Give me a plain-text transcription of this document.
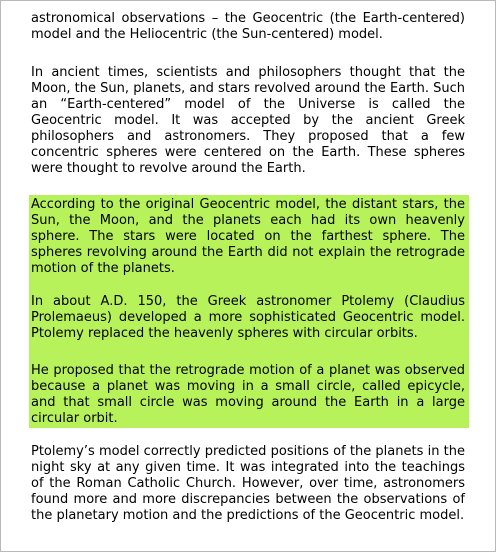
astronomical observations – the Geocentric (the Earth-centered) model and the Heliocentric (the Sun-centered) model.

In ancient times, scientists and philosophers thought that the Moon, the Sun, planets, and stars revolved around the Earth. Such an “Earth-centered” model of the Universe is called the Geocentric model. It was accepted by the ancient Greek philosophers and astronomers. They proposed that a few concentric spheres were centered on the Earth. These spheres were thought to revolve around the Earth.

According to the original Geocentric model, the distant stars, the Sun, the Moon, and the planets each had its own heavenly sphere. The stars were located on the farthest sphere. The spheres revolving around the Earth did not explain the retrograde motion of the planets.

In about A.D. 150, the Greek astronomer Ptolemy (Claudius Prolemaeus) developed a more sophisticated Geocentric model. Ptolemy replaced the heavenly spheres with circular orbits.

He proposed that the retrograde motion of a planet was observed because a planet was moving in a small circle, called epicycle, and that small circle was moving around the Earth in a large circular orbit.

Ptolemy’s model correctly predicted positions of the planets in the night sky at any given time. It was integrated into the teachings of the Roman Catholic Church. However, over time, astronomers found more and more discrepancies between the observations of the planetary motion and the predictions of the Geocentric model.
